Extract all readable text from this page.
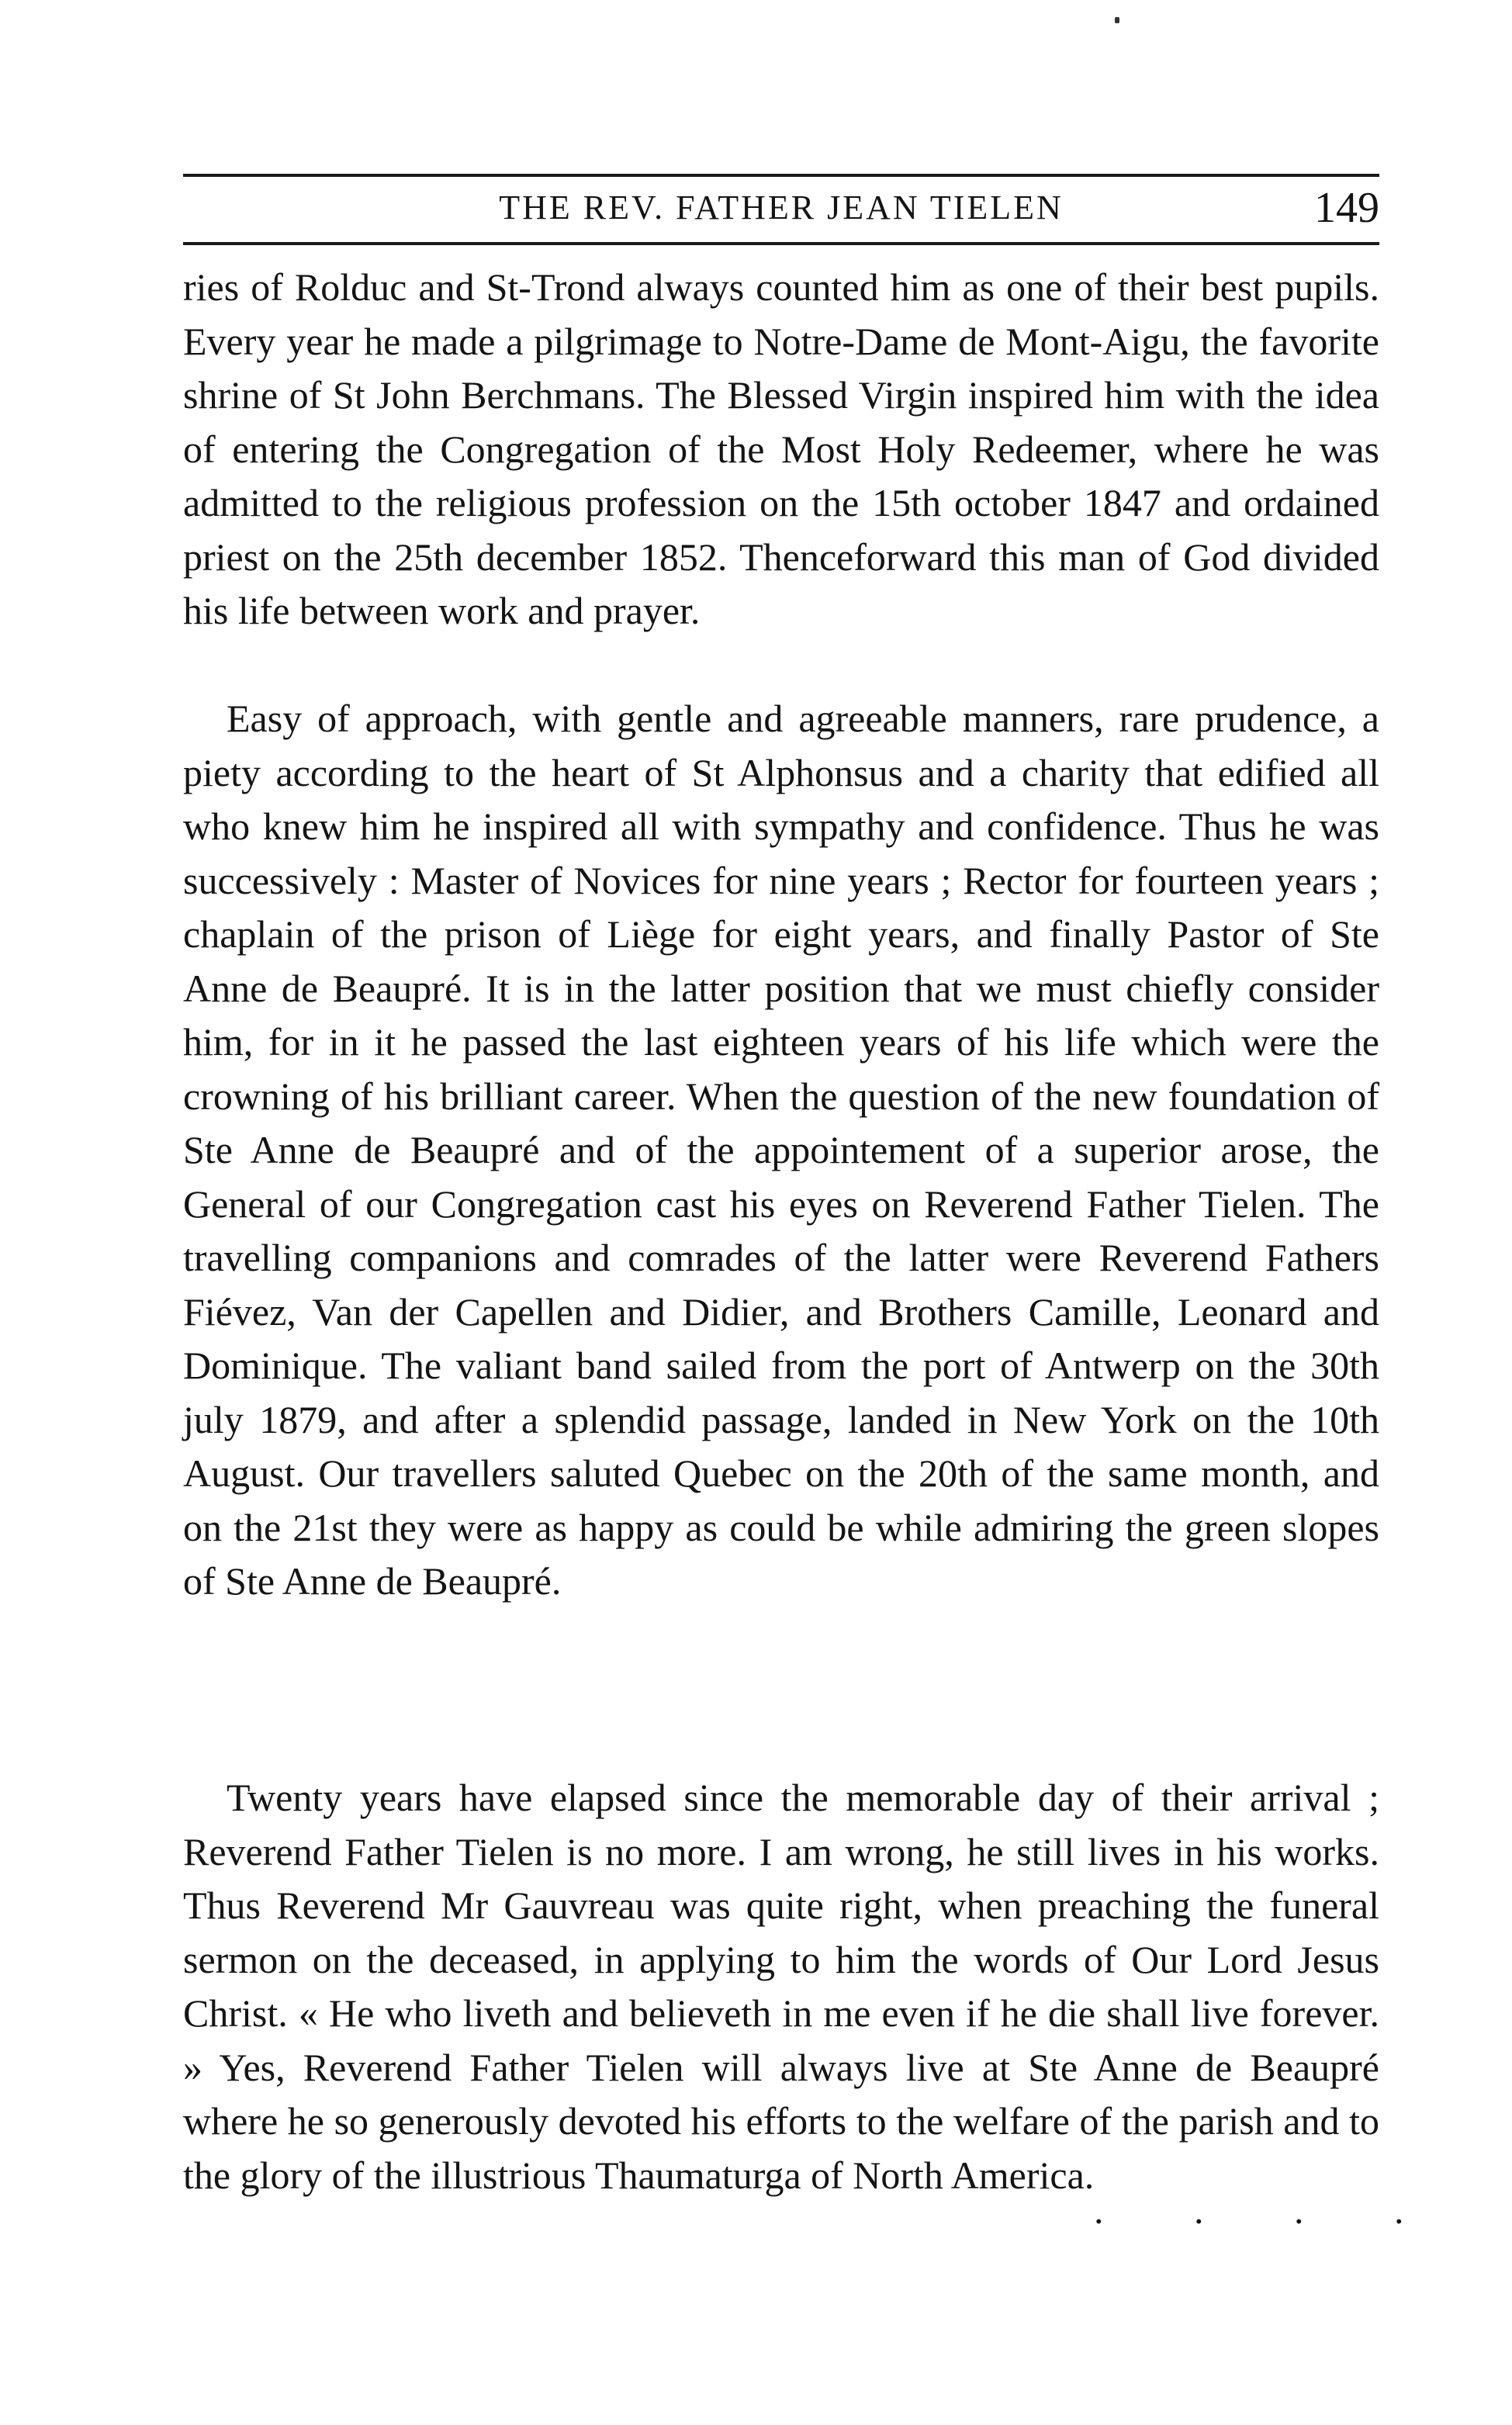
THE REV. FATHER JEAN TIELEN	149

ries of Rolduc and St-Trond always counted him as one of their best pupils. Every year he made a pilgrimage to Notre-Dame de Mont-Aigu, the favorite shrine of St John Berchmans. The Blessed Virgin inspired him with the idea of entering the Congregation of the Most Holy Redeemer, where he was admitted to the religious profession on the 15th october 1847 and ordained priest on the 25th december 1852. Thenceforward this man of God divided his life between work and prayer.

Easy of approach, with gentle and agreeable manners, rare prudence, a piety according to the heart of St Alphonsus and a charity that edified all who knew him he inspired all with sympathy and confidence. Thus he was successively : Master of Novices for nine years ; Rector for fourteen years ; chaplain of the prison of Liège for eight years, and finally Pastor of Ste Anne de Beaupré. It is in the latter position that we must chiefly consider him, for in it he passed the last eighteen years of his life which were the crowning of his brilliant career. When the question of the new foundation of Ste Anne de Beaupré and of the appointement of a superior arose, the General of our Congregation cast his eyes on Reverend Father Tielen. The travelling companions and comrades of the latter were Reverend Fathers Fiévez, Van der Capellen and Didier, and Brothers Camille, Leonard and Dominique. The valiant band sailed from the port of Antwerp on the 30th july 1879, and after a splendid passage, landed in New York on the 10th August. Our travellers saluted Quebec on the 20th of the same month, and on the 21st they were as happy as could be while admiring the green slopes of Ste Anne de Beaupré.

Twenty years have elapsed since the memorable day of their arrival ; Reverend Father Tielen is no more. I am wrong, he still lives in his works. Thus Reverend Mr Gauvreau was quite right, when preaching the funeral sermon on the deceased, in applying to him the words of Our Lord Jesus Christ. « He who liveth and believeth in me even if he die shall live forever. » Yes, Reverend Father Tielen will always live at Ste Anne de Beaupré where he so generously devoted his efforts to the welfare of the parish and to the glory of the illustrious Thaumaturga of North America.

. . . .
